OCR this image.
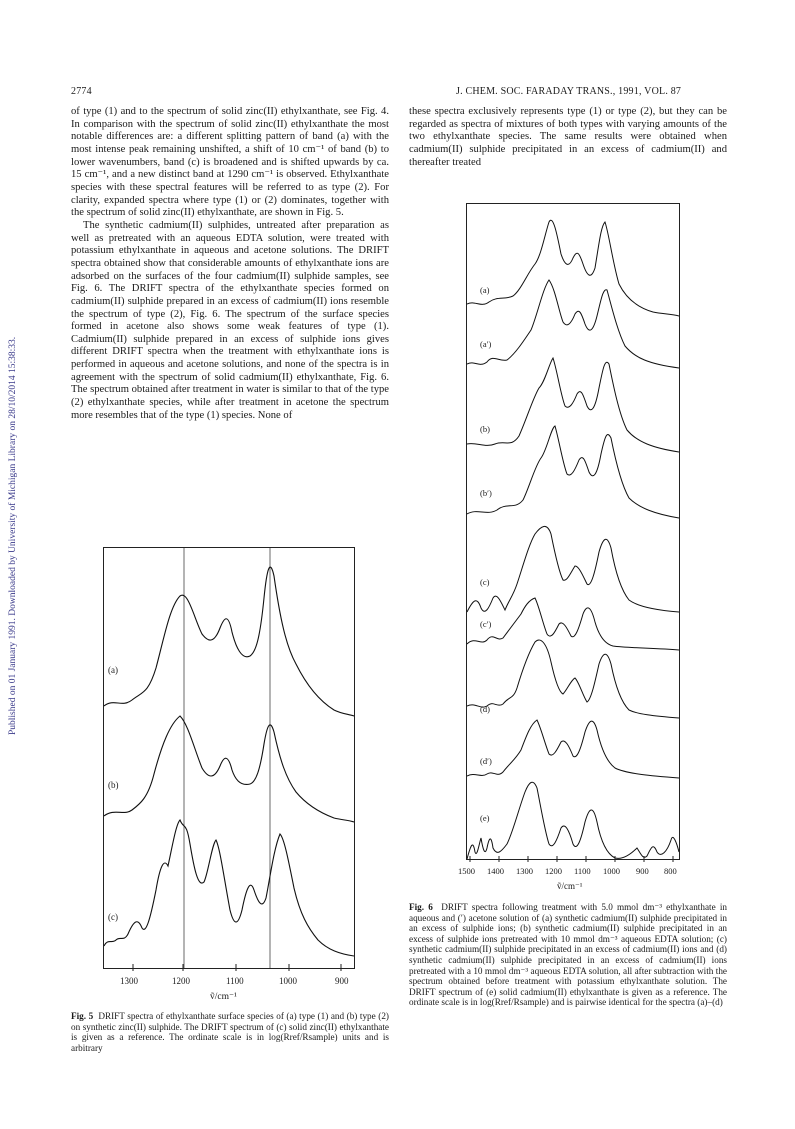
2774	J. CHEM. SOC. FARADAY TRANS., 1991, VOL. 87
Published on 01 January 1991. Downloaded by University of Michigan Library on 28/10/2014 15:38:33.

of type (1) and to the spectrum of solid zinc(II) ethylxanthate, see Fig. 4. In comparison with the spectrum of solid zinc(II) ethylxanthate the most notable differences are: a different splitting pattern of band (a) with the most intense peak remaining unshifted, a shift of 10 cm⁻¹ of band (b) to lower wavenumbers, band (c) is broadened and is shifted upwards by ca. 15 cm⁻¹, and a new distinct band at 1290 cm⁻¹ is observed. Ethylxanthate species with these spectral features will be referred to as type (2). For clarity, expanded spectra where type (1) or (2) dominates, together with the spectrum of solid zinc(II) ethylxanthate, are shown in Fig. 5.

The synthetic cadmium(II) sulphides, untreated after preparation as well as pretreated with an aqueous EDTA solution, were treated with potassium ethylxanthate in aqueous and acetone solutions. The DRIFT spectra obtained show that considerable amounts of ethylxanthate ions are adsorbed on the surfaces of the four cadmium(II) sulphide samples, see Fig. 6. The DRIFT spectra of the ethylxanthate species formed on cadmium(II) sulphide prepared in an excess of cadmium(II) ions resemble the spectrum of type (2), Fig. 6. The spectrum of the surface species formed in acetone also shows some weak features of type (1). Cadmium(II) sulphide prepared in an excess of sulphide ions gives different DRIFT spectra when the treatment with ethylxanthate ions is performed in aqueous and acetone solutions, and none of the spectra is in agreement with the spectrum of solid cadmium(II) ethylxanthate, Fig. 6. The spectrum obtained after treatment in water is similar to that of the type (2) ethylxanthate species, while after treatment in acetone the spectrum more resembles that of the type (1) species. None of

these spectra exclusively represents type (1) or type (2), but they can be regarded as spectra of mixtures of both types with varying amounts of the two ethylxanthate species. The same results were obtained when cadmium(II) sulphide precipitated in an excess of cadmium(II) and thereafter treated

(a)
(b)
(c)
1300	1200	1100	1000	900
ṽ/cm⁻¹
Fig. 5 DRIFT spectra of ethylxanthate surface species of (a) type (1) and (b) type (2) on synthetic zinc(II) sulphide. The DRIFT spectrum of (c) solid zinc(II) ethylxanthate is given as a reference. The ordinate scale is in log(Rref/Rsample) units and is arbitrary
(a)
(a′)
(b)
(b′)
(c)
(c′)
(d)
(d′)
(e)
1500 1400 1300 1200 1100 1000 900 800
ṽ/cm⁻¹
Fig. 6 DRIFT spectra following treatment with 5.0 mmol dm⁻³ ethylxanthate in aqueous and (′) acetone solution of (a) synthetic cadmium(II) sulphide precipitated in an excess of sulphide ions; (b) synthetic cadmium(II) sulphide precipitated in an excess of sulphide ions pretreated with 10 mmol dm⁻³ aqueous EDTA solution; (c) synthetic cadmium(II) sulphide precipitated in an excess of cadmium(II) ions and (d) synthetic cadmium(II) sulphide precipitated in an excess of cadmium(II) ions pretreated with a 10 mmol dm⁻³ aqueous EDTA solution, all after subtraction with the spectrum obtained before treatment with potassium ethylxanthate solution. The DRIFT spectrum of (e) solid cadmium(II) ethylxanthate is given as a reference. The ordinate scale is in log(Rref/Rsample) and is pairwise identical for the spectra (a)–(d)
